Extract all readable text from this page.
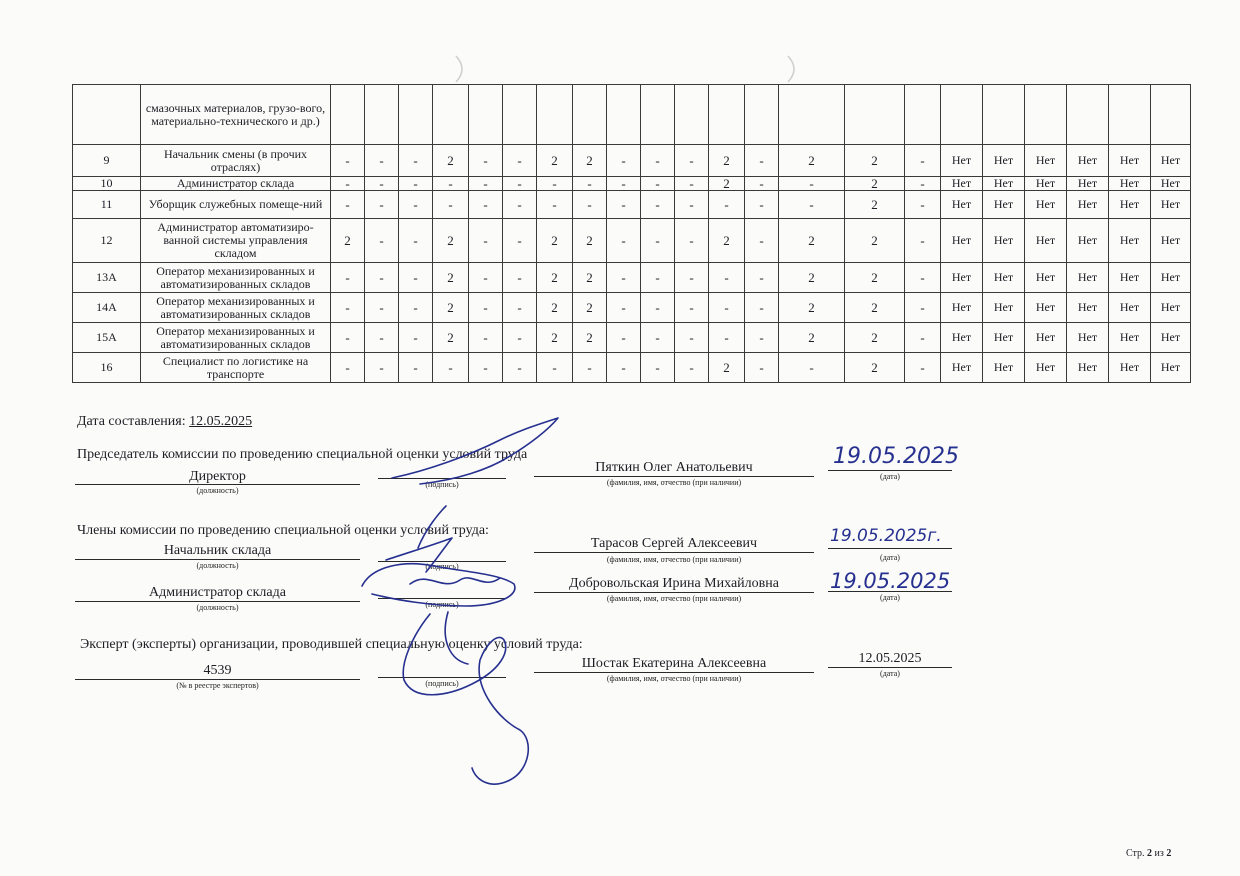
	смазочных материалов, грузо-вого, материально-технического и др.)																						
9	Начальник смены (в прочих отраслях)	-	-	-	2	-	-	2	2	-	-	-	2	-	2	2	-	Нет	Нет	Нет	Нет	Нет	Нет
10	Администратор склада	-	-	-	-	-	-	-	-	-	-	-	2	-	-	2	-	Нет	Нет	Нет	Нет	Нет	Нет
11	Уборщик служебных помеще-ний	-	-	-	-	-	-	-	-	-	-	-	-	-	-	2	-	Нет	Нет	Нет	Нет	Нет	Нет
12	Администратор автоматизиро-ванной системы управления складом	2	-	-	2	-	-	2	2	-	-	-	2	-	2	2	-	Нет	Нет	Нет	Нет	Нет	Нет
13А	Оператор механизированных и автоматизированных складов	-	-	-	2	-	-	2	2	-	-	-	-	-	2	2	-	Нет	Нет	Нет	Нет	Нет	Нет
14А	Оператор механизированных и автоматизированных складов	-	-	-	2	-	-	2	2	-	-	-	-	-	2	2	-	Нет	Нет	Нет	Нет	Нет	Нет
15А	Оператор механизированных и автоматизированных складов	-	-	-	2	-	-	2	2	-	-	-	-	-	2	2	-	Нет	Нет	Нет	Нет	Нет	Нет
16	Специалист по логистике на транспорте	-	-	-	-	-	-	-	-	-	-	-	2	-	-	2	-	Нет	Нет	Нет	Нет	Нет	Нет
Дата составления: 12.05.2025
Председатель комиссии по проведению специальной оценки условий труда
Директор
(должность)
(подпись)
Пяткин Олег Анатольевич
(фамилия, имя, отчество (при наличии)
19.05.2025
(дата)
Члены комиссии по проведению специальной оценки условий труда:
Начальник склада
(должность)	(подпись)
Тарасов Сергей Алексеевич
(фамилия, имя, отчество (при наличии)
19.05.2025г.
(дата)
Администратор склада
(должность)	(подпись)
Добровольская Ирина Михайловна
(фамилия, имя, отчество (при наличии)
19.05.2025
(дата)
Эксперт (эксперты) организации, проводившей специальную оценку условий труда:
4539
(№ в реестре экспертов)	(подпись)
Шостак Екатерина Алексеевна
(фамилия, имя, отчество (при наличии)
12.05.2025
(дата)
Стр. 2 из 2
